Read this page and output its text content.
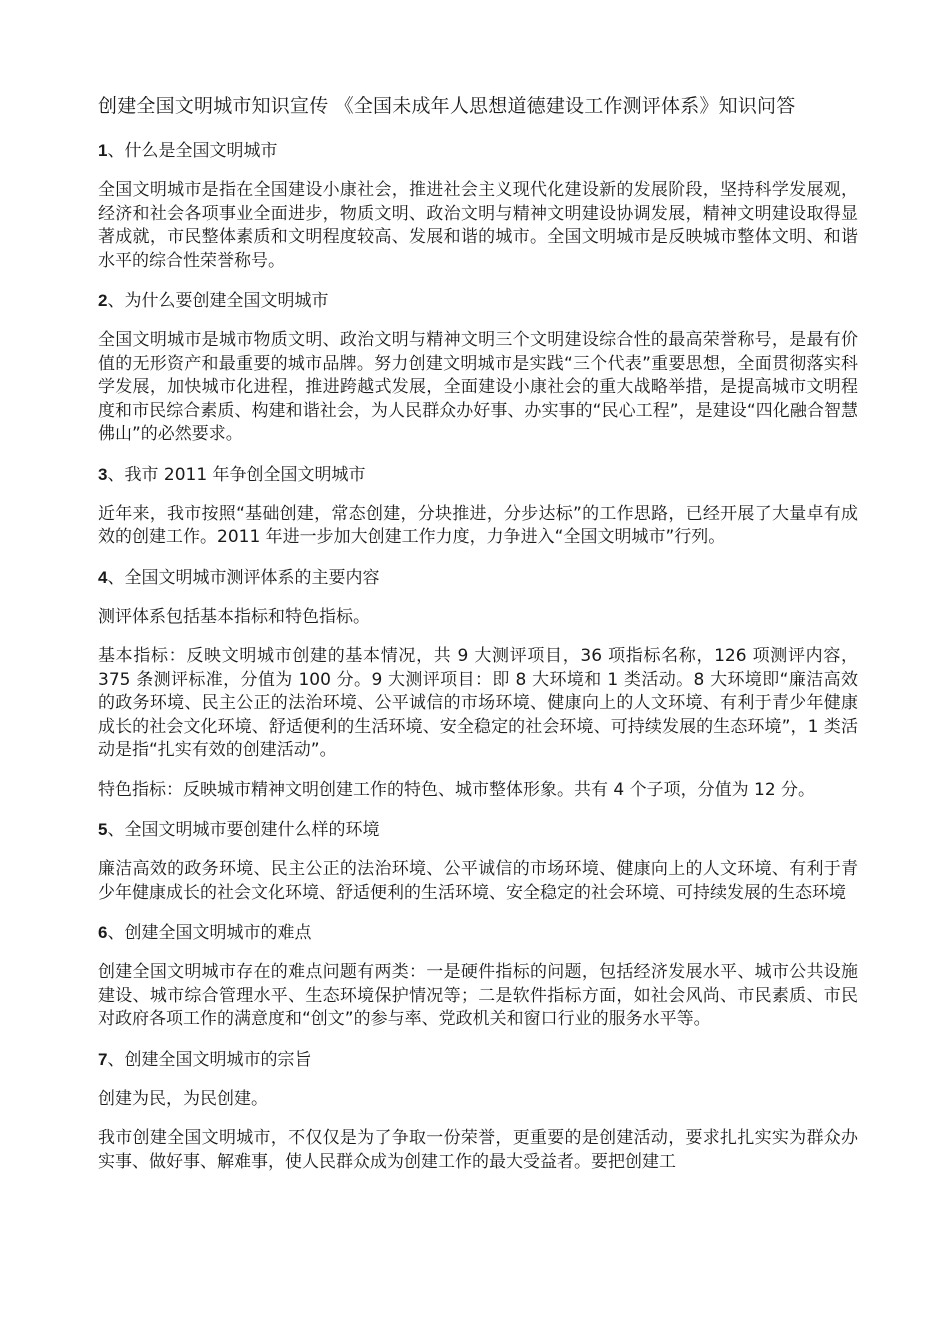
创建全国文明城市知识宣传 《全国未成年人思想道德建设工作测评体系》知识问答
1、什么是全国文明城市
全国文明城市是指在全国建设小康社会，推进社会主义现代化建设新的发展阶段，坚持科学发展观，经济和社会各项事业全面进步，物质文明、政治文明与精神文明建设协调发展，精神文明建设取得显著成就，市民整体素质和文明程度较高、发展和谐的城市。全国文明城市是反映城市整体文明、和谐水平的综合性荣誉称号。
2、为什么要创建全国文明城市
全国文明城市是城市物质文明、政治文明与精神文明三个文明建设综合性的最高荣誉称号，是最有价值的无形资产和最重要的城市品牌。努力创建文明城市是实践“三个代表”重要思想，全面贯彻落实科学发展，加快城市化进程，推进跨越式发展，全面建设小康社会的重大战略举措，是提高城市文明程度和市民综合素质、构建和谐社会，为人民群众办好事、办实事的“民心工程”，是建设“四化融合智慧佛山”的必然要求。
3、我市 2011 年争创全国文明城市
近年来，我市按照“基础创建，常态创建，分块推进，分步达标”的工作思路，已经开展了大量卓有成效的创建工作。2011 年进一步加大创建工作力度，力争进入“全国文明城市”行列。
4、全国文明城市测评体系的主要内容
测评体系包括基本指标和特色指标。
基本指标：反映文明城市创建的基本情况，共 9 大测评项目，36 项指标名称，126 项测评内容，375 条测评标准，分值为 100 分。9 大测评项目：即 8 大环境和 1 类活动。8 大环境即“廉洁高效的政务环境、民主公正的法治环境、公平诚信的市场环境、健康向上的人文环境、有利于青少年健康成长的社会文化环境、舒适便利的生活环境、安全稳定的社会环境、可持续发展的生态环境”，1 类活动是指“扎实有效的创建活动”。
特色指标：反映城市精神文明创建工作的特色、城市整体形象。共有 4 个子项，分值为 12 分。
5、全国文明城市要创建什么样的环境
廉洁高效的政务环境、民主公正的法治环境、公平诚信的市场环境、健康向上的人文环境、有利于青少年健康成长的社会文化环境、舒适便利的生活环境、安全稳定的社会环境、可持续发展的生态环境
6、创建全国文明城市的难点
创建全国文明城市存在的难点问题有两类：一是硬件指标的问题，包括经济发展水平、城市公共设施建设、城市综合管理水平、生态环境保护情况等；二是软件指标方面，如社会风尚、市民素质、市民对政府各项工作的满意度和“创文”的参与率、党政机关和窗口行业的服务水平等。
7、创建全国文明城市的宗旨
创建为民，为民创建。
我市创建全国文明城市，不仅仅是为了争取一份荣誉，更重要的是创建活动，要求扎扎实实为群众办实事、做好事、解难事，使人民群众成为创建工作的最大受益者。要把创建工
